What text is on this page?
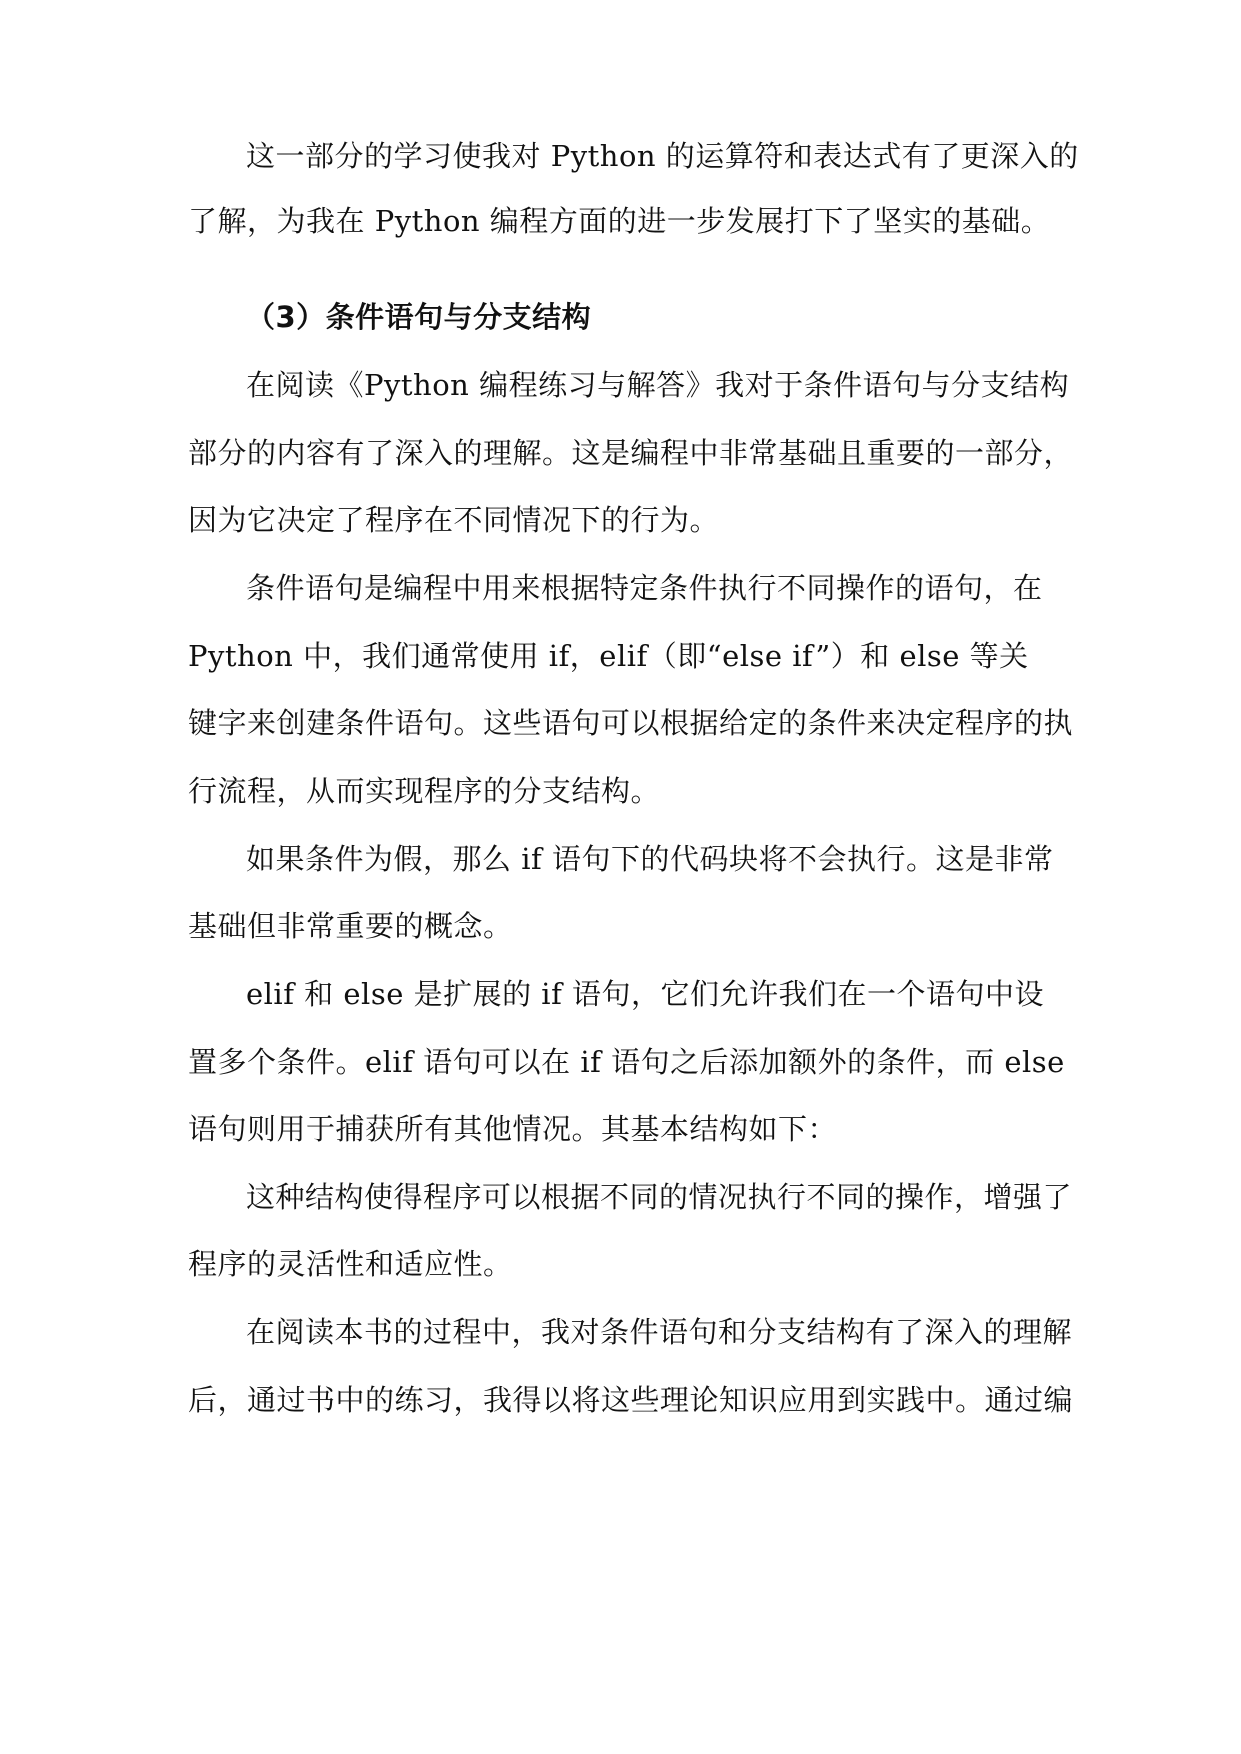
这一部分的学习使我对 Python 的运算符和表达式有了更深入的
了解，为我在 Python 编程方面的进一步发展打下了坚实的基础。
（3）条件语句与分支结构
在阅读《Python 编程练习与解答》我对于条件语句与分支结构
部分的内容有了深入的理解。这是编程中非常基础且重要的一部分，
因为它决定了程序在不同情况下的行为。
条件语句是编程中用来根据特定条件执行不同操作的语句，在
Python 中，我们通常使用 if，elif（即“else if”）和 else 等关
键字来创建条件语句。这些语句可以根据给定的条件来决定程序的执
行流程，从而实现程序的分支结构。
如果条件为假，那么 if 语句下的代码块将不会执行。这是非常
基础但非常重要的概念。
elif 和 else 是扩展的 if 语句，它们允许我们在一个语句中设
置多个条件。elif 语句可以在 if 语句之后添加额外的条件，而 else
语句则用于捕获所有其他情况。其基本结构如下：
这种结构使得程序可以根据不同的情况执行不同的操作，增强了
程序的灵活性和适应性。
在阅读本书的过程中，我对条件语句和分支结构有了深入的理解
后，通过书中的练习，我得以将这些理论知识应用到实践中。通过编
